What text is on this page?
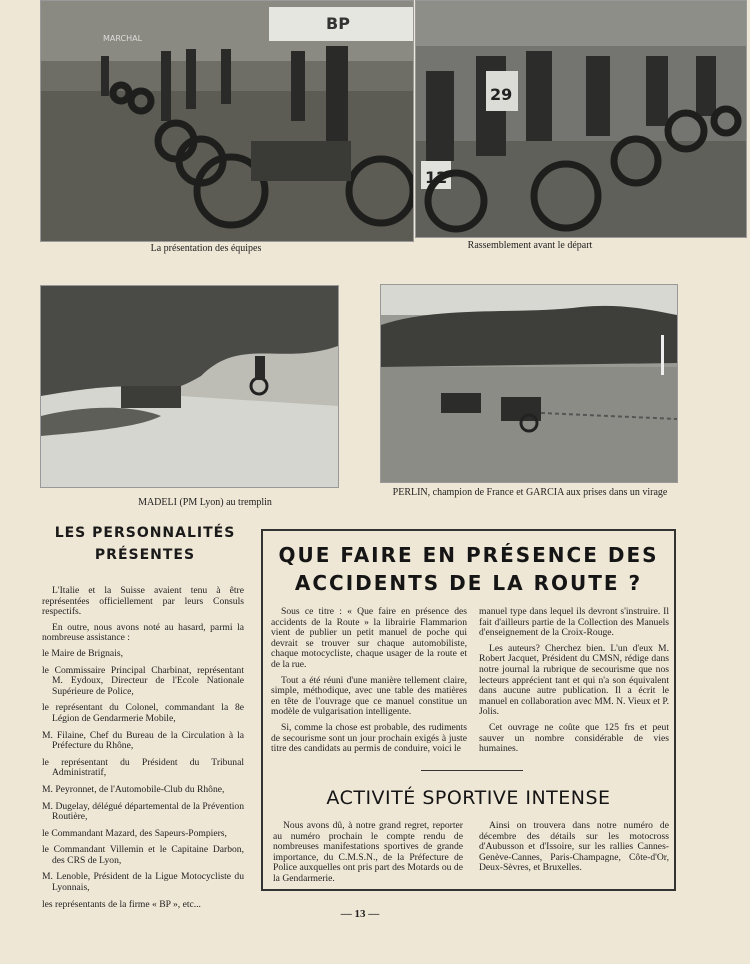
BP
MARCHAL
La présentation des équipes
29
12
Rassemblement avant le départ
MADELI (PM Lyon) au tremplin
PERLIN, champion de France et GARCIA aux prises dans un virage
LES PERSONNALITÉS PRÉSENTES

L'Italie et la Suisse avaient tenu à être représentées officiellement par leurs Consuls respectifs.

En outre, nous avons noté au hasard, parmi la nombreuse assistance :

le Maire de Brignais,

le Commissaire Principal Charbinat, représentant M. Eydoux, Directeur de l'Ecole Nationale Supérieure de Police,

le représentant du Colonel, commandant la 8e Légion de Gendarmerie Mobile,

M. Filaine, Chef du Bureau de la Circulation à la Préfecture du Rhône,

le représentant du Président du Tribunal Administratif,

M. Peyronnet, de l'Automobile-Club du Rhône,

M. Dugelay, délégué départemental de la Prévention Routière,

le Commandant Mazard, des Sapeurs-Pompiers,

le Commandant Villemin et le Capitaine Darbon, des CRS de Lyon,

M. Lenoble, Président de la Ligue Motocycliste du Lyonnais,

les représentants de la firme « BP », etc...

QUE FAIRE EN PRÉSENCE DES
ACCIDENTS DE LA ROUTE ?

Sous ce titre : « Que faire en présence des accidents de la Route » la librairie Flammarion vient de publier un petit manuel de poche qui devrait se trouver sur chaque automobiliste, chaque motocycliste, chaque usager de la route et de la rue.

Tout a été réuni d'une manière tellement claire, simple, méthodique, avec une table des matières en tête de l'ouvrage que ce manuel constitue un modèle de vulgarisation intelligente.

Si, comme la chose est probable, des rudiments de secourisme sont un jour prochain exigés à juste titre des candidats au permis de conduire, voici le

manuel type dans lequel ils devront s'instruire. Il fait d'ailleurs partie de la Collection des Manuels d'enseignement de la Croix-Rouge.

Les auteurs? Cherchez bien. L'un d'eux M. Robert Jacquet, Président du CMSN, rédige dans notre journal la rubrique de secourisme que nos lecteurs apprécient tant et qui n'a son équivalent dans aucune autre publication. Il a écrit le manuel en collaboration avec MM. N. Vieux et P. Jolis.

Cet ouvrage ne coûte que 125 frs et peut sauver un nombre considérable de vies humaines.

ACTIVITÉ SPORTIVE INTENSE

Nous avons dû, à notre grand regret, reporter au numéro prochain le compte rendu de nombreuses manifestations sportives de grande importance, du C.M.S.N., de la Préfecture de Police auxquelles ont pris part des Motards ou de la Gendarmerie.

Ainsi on trouvera dans notre numéro de décembre des détails sur les motocross d'Aubusson et d'Issoire, sur les rallies Cannes-Genève-Cannes, Paris-Champagne, Côte-d'Or, Deux-Sèvres, et Bruxelles.

— 13 —
